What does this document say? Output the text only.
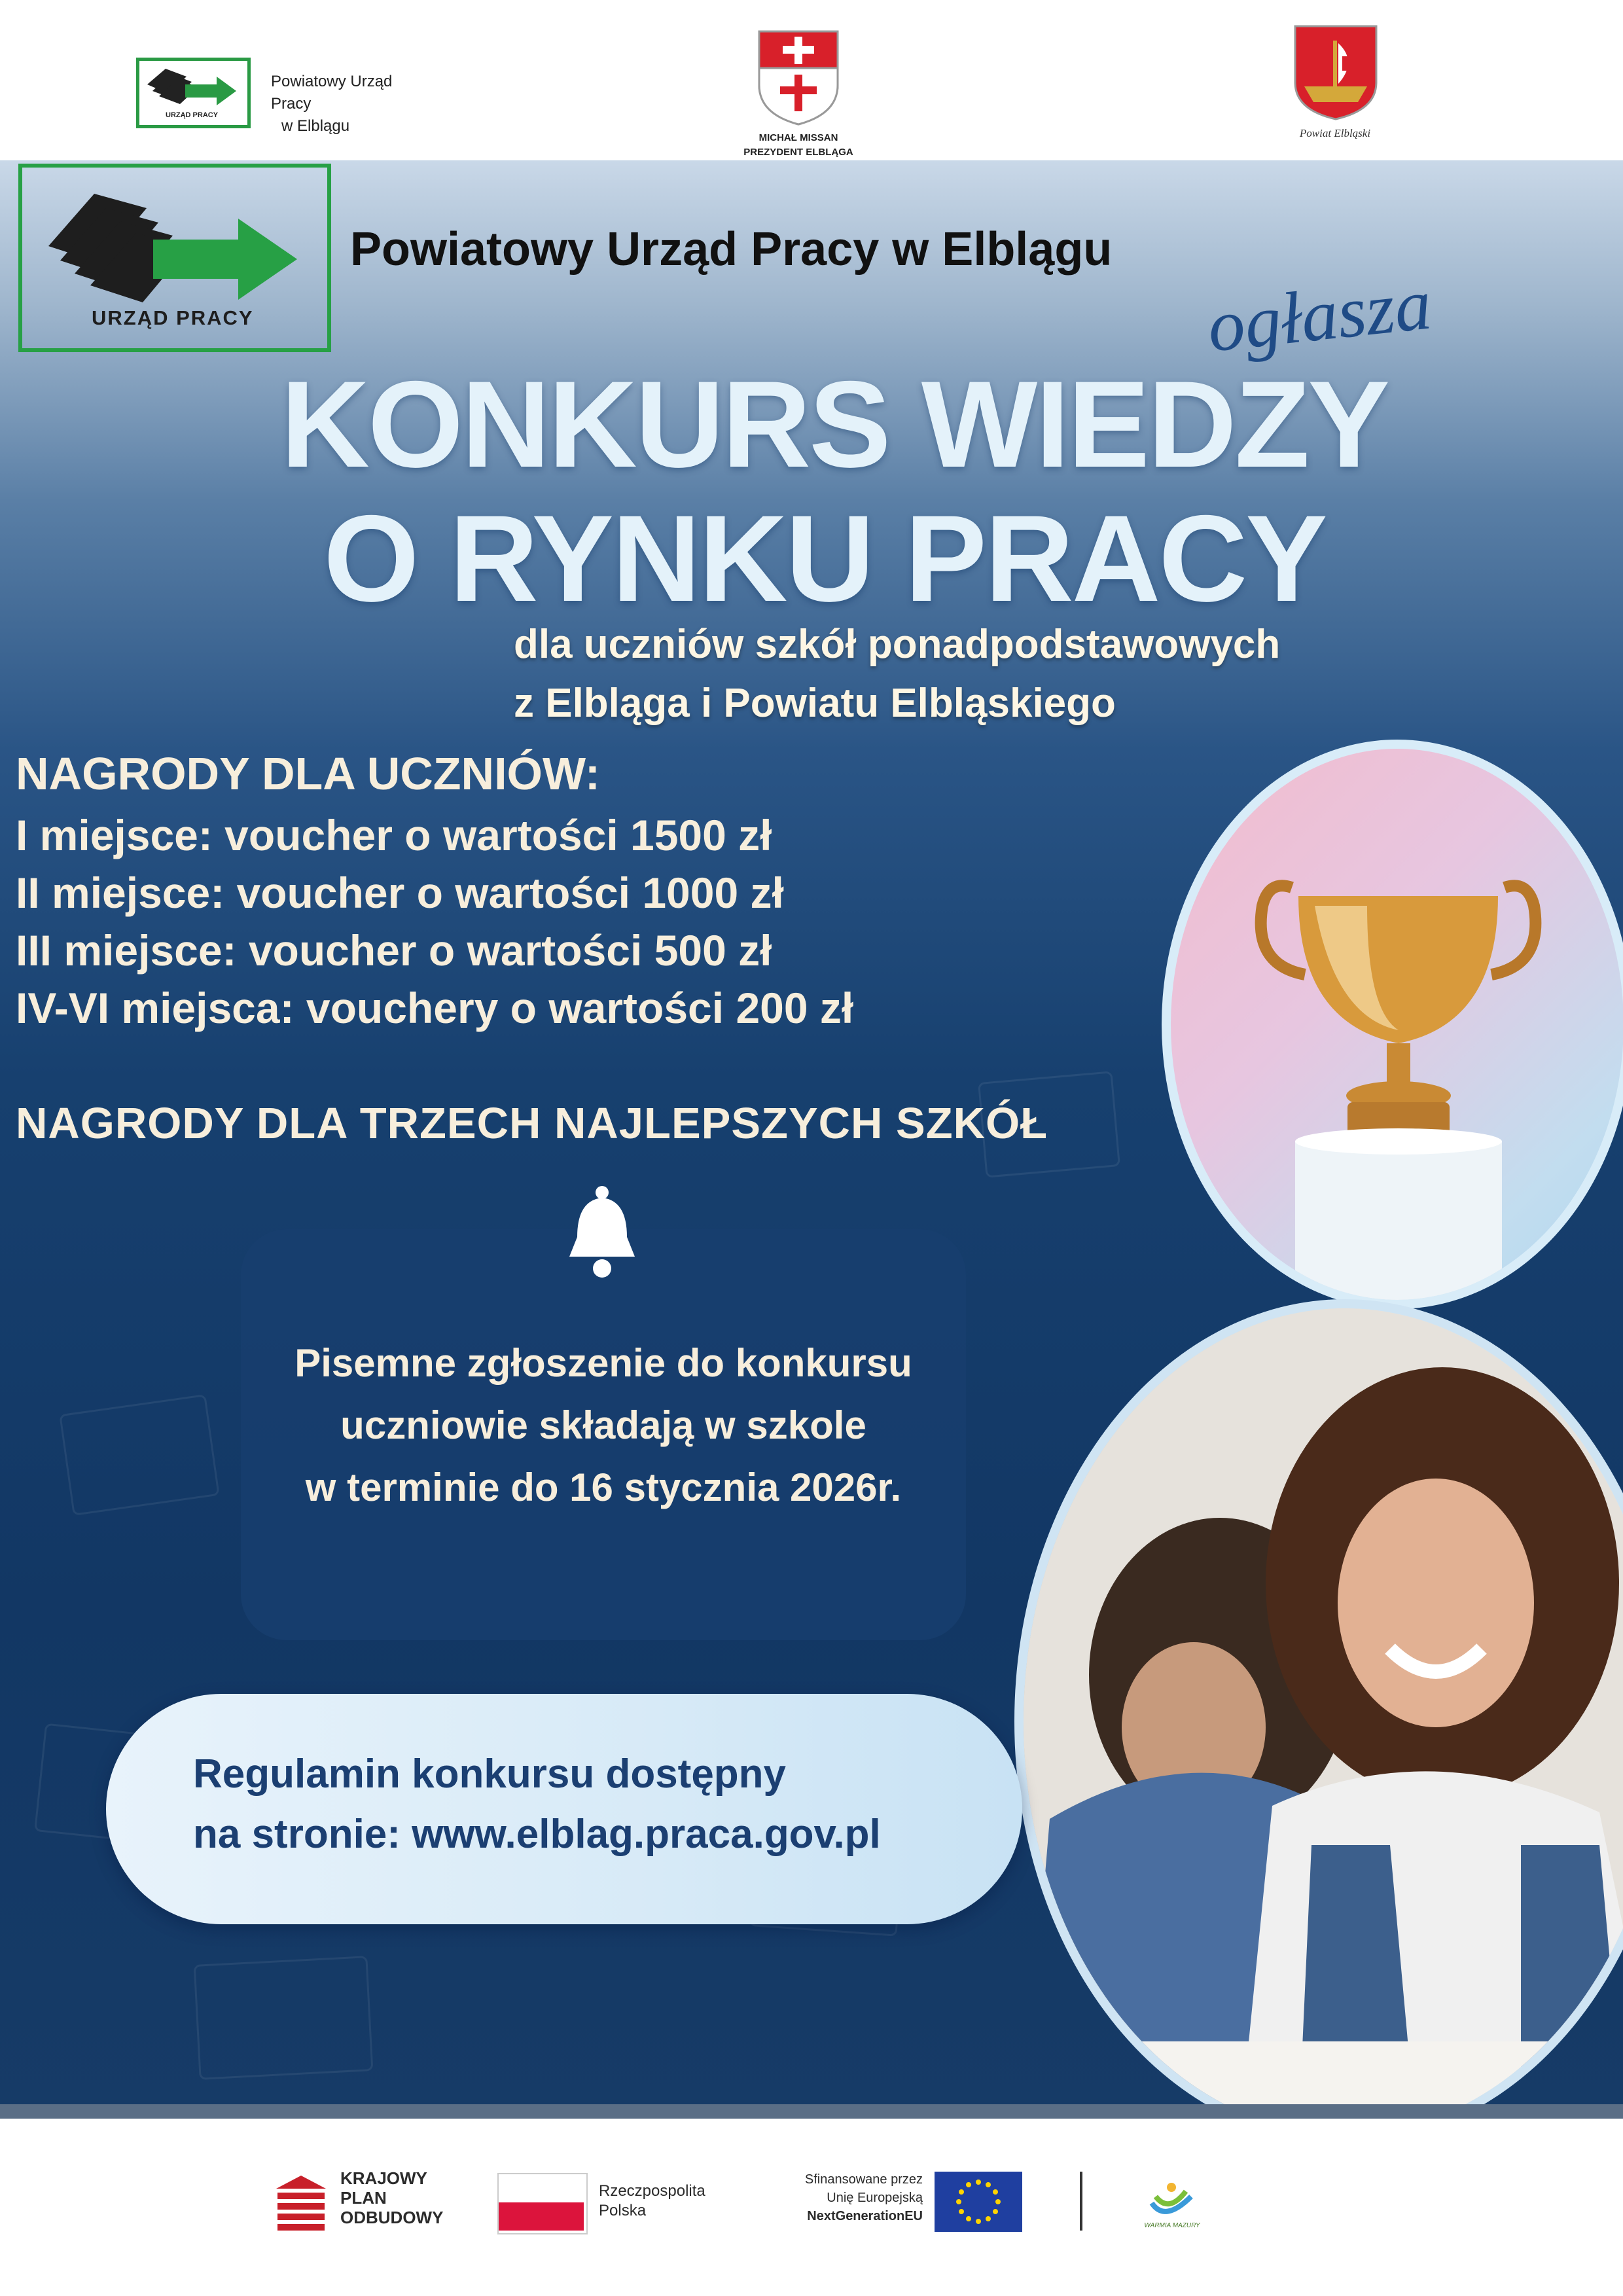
URZĄD PRACY
Powiatowy Urząd Pracy
w Elblągu
MICHAŁ MISSAN
PREZYDENT ELBLĄGA
Powiat Elbląski
URZĄD PRACY
Powiatowy Urząd Pracy w Elblągu
ogłasza
KONKURS WIEDZY
O RYNKU PRACY
dla uczniów szkół ponadpodstawowych
z Elbląga i Powiatu Elbląskiego
NAGRODY DLA UCZNIÓW:
I miejsce: voucher o wartości 1500 zł
II miejsce: voucher o wartości 1000 zł
III miejsce: voucher o wartości 500 zł
IV-VI miejsca: vouchery o wartości 200 zł
NAGRODY DLA TRZECH NAJLEPSZYCH SZKÓŁ
Pisemne zgłoszenie do konkursu
uczniowie składają w szkole
w terminie do 16 stycznia 2026r.
Regulamin konkursu dostępny
na stronie: www.elblag.praca.gov.pl
KRAJOWY
PLAN
ODBUDOWY
Rzeczpospolita
Polska
Sfinansowane przez
Unię Europejską
NextGenerationEU
WARMIA MAZURY
